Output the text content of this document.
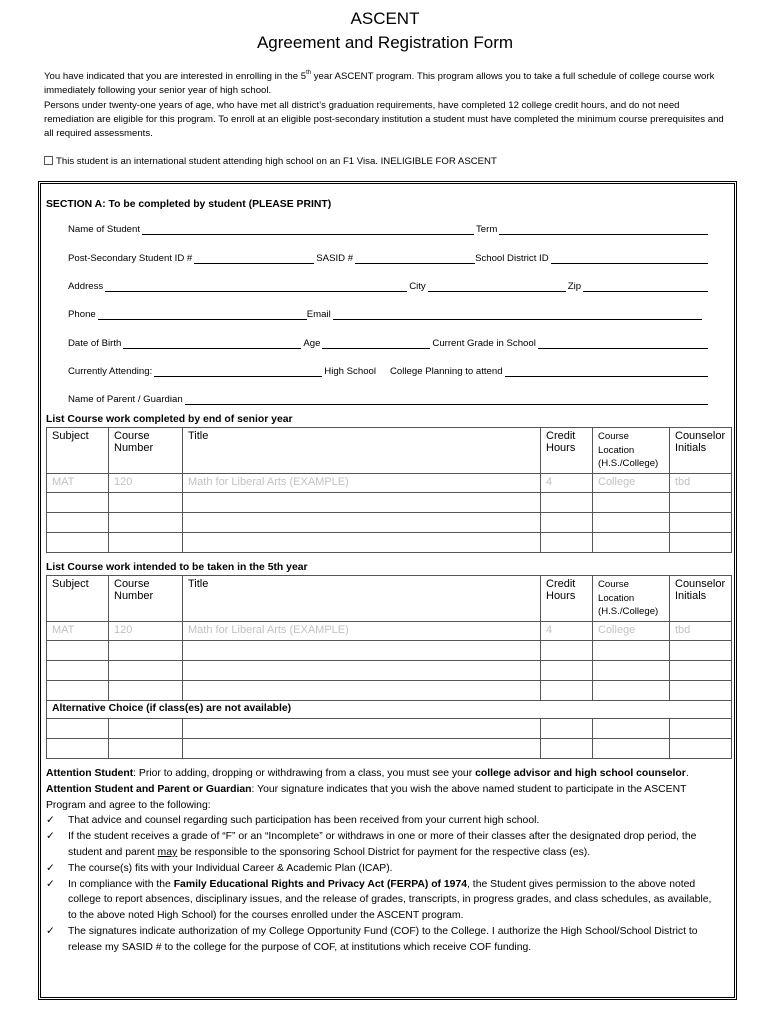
ASCENT
Agreement and Registration Form
You have indicated that you are interested in enrolling in the 5th year ASCENT program. This program allows you to take a full schedule of college course work immediately following your senior year of high school.
Persons under twenty-one years of age, who have met all district’s graduation requirements, have completed 12 college credit hours, and do not need remediation are eligible for this program. To enroll at an eligible post-secondary institution a student must have completed the minimum course prerequisites and all required assessments.
This student is an international student attending high school on an F1 Visa. INELIGIBLE FOR ASCENT
SECTION A: To be completed by student (PLEASE PRINT)
Name of Student	Term
Post-Secondary Student ID #	SASID #	School District ID
Address	City	Zip
Phone	Email
Date of Birth	Age	Current Grade in School
Currently Attending:	High School College Planning to attend
Name of Parent / Guardian
List Course work completed by end of senior year
Subject	Course Number	Title	Credit Hours	Course Location (H.S./College)	Counselor Initials
MAT	120	Math for Liberal Arts (EXAMPLE)	4	College	tbd

List Course work intended to be taken in the 5th year
Subject	Course Number	Title	Credit Hours	Course Location (H.S./College)	Counselor Initials
MAT	120	Math for Liberal Arts (EXAMPLE)	4	College	tbd

Alternative Choice (if class(es) are not available)					

Attention Student: Prior to adding, dropping or withdrawing from a class, you must see your college advisor and high school counselor.
Attention Student and Parent or Guardian: Your signature indicates that you wish the above named student to participate in the ASCENT Program and agree to the following:
✓	That advice and counsel regarding such participation has been received from your current high school.
✓	If the student receives a grade of “F” or an “Incomplete” or withdraws in one or more of their classes after the designated drop period, the student and parent may be responsible to the sponsoring School District for payment for the respective class (es).
✓	The course(s) fits with your Individual Career & Academic Plan (ICAP).
✓	In compliance with the Family Educational Rights and Privacy Act (FERPA) of 1974, the Student gives permission to the above noted college to report absences, disciplinary issues, and the release of grades, transcripts, in progress grades, and class schedules, as available, to the above noted High School) for the courses enrolled under the ASCENT program.
✓	The signatures indicate authorization of my College Opportunity Fund (COF) to the College. I authorize the High School/School District to release my SASID # to the college for the purpose of COF, at institutions which receive COF funding.
